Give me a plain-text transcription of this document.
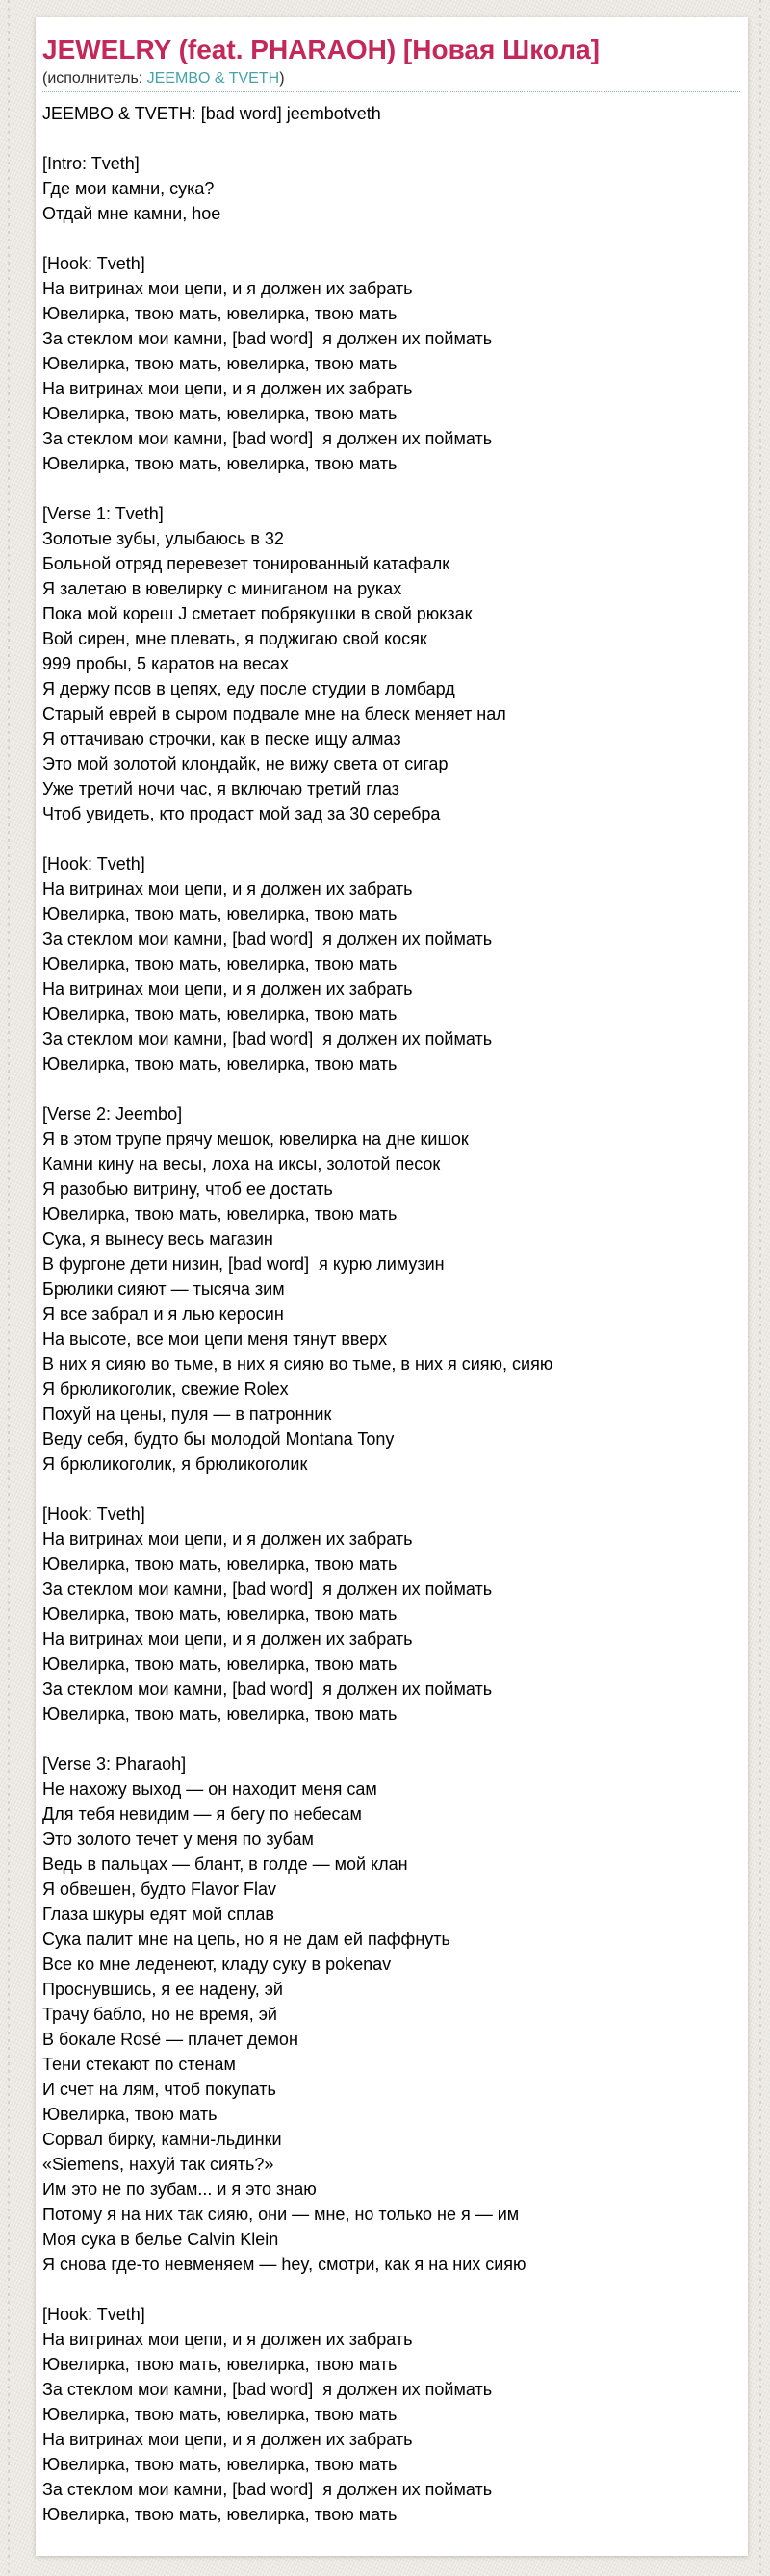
JEWELRY (feat. PHARAOH) [Новая Школа]
(исполнитель: JEEMBO & TVETH)
JEEMBO & TVETH: [bad word] jeembotveth
[Intro: Tveth]
Где мои камни, сука?
Отдай мне камни, hoe
[Hook: Tveth]
На витринах мои цепи, и я должен их забрать
Ювелирка, твою мать, ювелирка, твою мать
За стеклом мои камни, [bad word]  я должен их поймать
Ювелирка, твою мать, ювелирка, твою мать
На витринах мои цепи, и я должен их забрать
Ювелирка, твою мать, ювелирка, твою мать
За стеклом мои камни, [bad word]  я должен их поймать
Ювелирка, твою мать, ювелирка, твою мать
[Verse 1: Tveth]
Золотые зубы, улыбаюсь в 32
Больной отряд перевезет тонированный катафалк
Я залетаю в ювелирку с миниганом на руках
Пока мой кореш J сметает побрякушки в свой рюкзак
Вой сирен, мне плевать, я поджигаю свой косяк
999 пробы, 5 каратов на весах
Я держу псов в цепях, еду после студии в ломбард
Старый еврей в сыром подвале мне на блеск меняет нал
Я оттачиваю строчки, как в песке ищу алмаз
Это мой золотой клондайк, не вижу света от сигар
Уже третий ночи час, я включаю третий глаз
Чтоб увидеть, кто продаст мой зад за 30 серебра
[Hook: Tveth]
На витринах мои цепи, и я должен их забрать
Ювелирка, твою мать, ювелирка, твою мать
За стеклом мои камни, [bad word]  я должен их поймать
Ювелирка, твою мать, ювелирка, твою мать
На витринах мои цепи, и я должен их забрать
Ювелирка, твою мать, ювелирка, твою мать
За стеклом мои камни, [bad word]  я должен их поймать
Ювелирка, твою мать, ювелирка, твою мать
[Verse 2: Jeembo]
Я в этом трупе прячу мешок, ювелирка на дне кишок
Камни кину на весы, лоха на иксы, золотой песок
Я разобью витрину, чтоб ее достать
Ювелирка, твою мать, ювелирка, твою мать
Сука, я вынесу весь магазин
В фургоне дети низин, [bad word]  я курю лимузин
Брюлики сияют — тысяча зим
Я все забрал и я лью керосин
На высоте, все мои цепи меня тянут вверх
В них я сияю во тьме, в них я сияю во тьме, в них я сияю, сияю
Я брюликоголик, свежие Rolex
Похуй на цены, пуля — в патронник
Веду себя, будто бы молодой Montana Tony
Я брюликоголик, я брюликоголик
[Hook: Tveth]
На витринах мои цепи, и я должен их забрать
Ювелирка, твою мать, ювелирка, твою мать
За стеклом мои камни, [bad word]  я должен их поймать
Ювелирка, твою мать, ювелирка, твою мать
На витринах мои цепи, и я должен их забрать
Ювелирка, твою мать, ювелирка, твою мать
За стеклом мои камни, [bad word]  я должен их поймать
Ювелирка, твою мать, ювелирка, твою мать
[Verse 3: Pharaoh]
Не нахожу выход — он находит меня сам
Для тебя невидим — я бегу по небесам
Это золото течет у меня по зубам
Ведь в пальцах — блант, в голде — мой клан
Я обвешен, будто Flavor Flav
Глаза шкуры едят мой сплав
Сука палит мне на цепь, но я не дам ей паффнуть
Все ко мне леденеют, кладу суку в pokenav
Проснувшись, я ее надену, эй
Трачу бабло, но не время, эй
В бокале Rosé — плачет демон
Тени стекают по стенам
И счет на лям, чтоб покупать
Ювелирка, твою мать
Сорвал бирку, камни-льдинки
«Siemens, нахуй так сиять?»
Им это не по зубам... и я это знаю
Потому я на них так сияю, они — мне, но только не я — им
Моя сука в белье Calvin Klein
Я снова где-то невменяем — hey, смотри, как я на них сияю
[Hook: Tveth]
На витринах мои цепи, и я должен их забрать
Ювелирка, твою мать, ювелирка, твою мать
За стеклом мои камни, [bad word]  я должен их поймать
Ювелирка, твою мать, ювелирка, твою мать
На витринах мои цепи, и я должен их забрать
Ювелирка, твою мать, ювелирка, твою мать
За стеклом мои камни, [bad word]  я должен их поймать
Ювелирка, твою мать, ювелирка, твою мать
